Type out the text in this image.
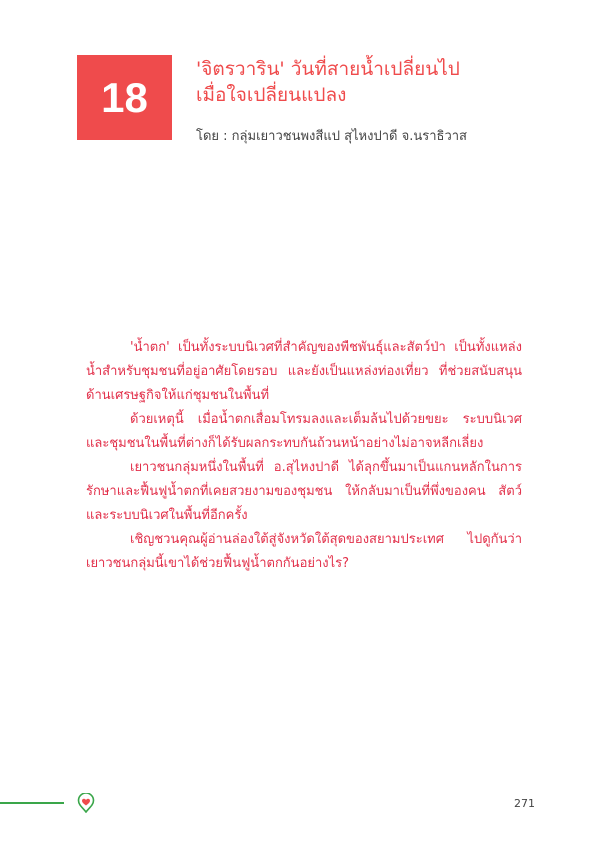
18
'จิตรวาริน' วันที่สายน้ำเปลี่ยนไป
เมื่อใจเปลี่ยนแปลง
โดย : กลุ่มเยาวชนพงสีแป สุไหงปาดี จ.นราธิวาส
'น้ำตก' เป็นทั้งระบบนิเวศที่สำคัญของพืชพันธุ์และสัตว์ป่า เป็นทั้งแหล่งน้ำสำหรับชุมชนที่อยู่อาศัยโดยรอบ และยังเป็นแหล่งท่องเที่ยว ที่ช่วยสนับสนุนด้านเศรษฐกิจให้แก่ชุมชนในพื้นที่
ด้วยเหตุนี้ เมื่อน้ำตกเสื่อมโทรมลงและเต็มล้นไปด้วยขยะ ระบบนิเวศและชุมชนในพื้นที่ต่างก็ได้รับผลกระทบกันถ้วนหน้าอย่างไม่อาจหลีกเลี่ยง
เยาวชนกลุ่มหนึ่งในพื้นที่ อ.สุไหงปาดี ได้ลุกขึ้นมาเป็นแกนหลักในการรักษาและฟื้นฟูน้ำตกที่เคยสวยงามของชุมชน ให้กลับมาเป็นที่พึ่งของคน สัตว์ และระบบนิเวศในพื้นที่อีกครั้ง
เชิญชวนคุณผู้อ่านล่องใต้สู่จังหวัดใต้สุดของสยามประเทศ ไปดูกันว่าเยาวชนกลุ่มนี้เขาได้ช่วยฟื้นฟูน้ำตกกันอย่างไร?
271
